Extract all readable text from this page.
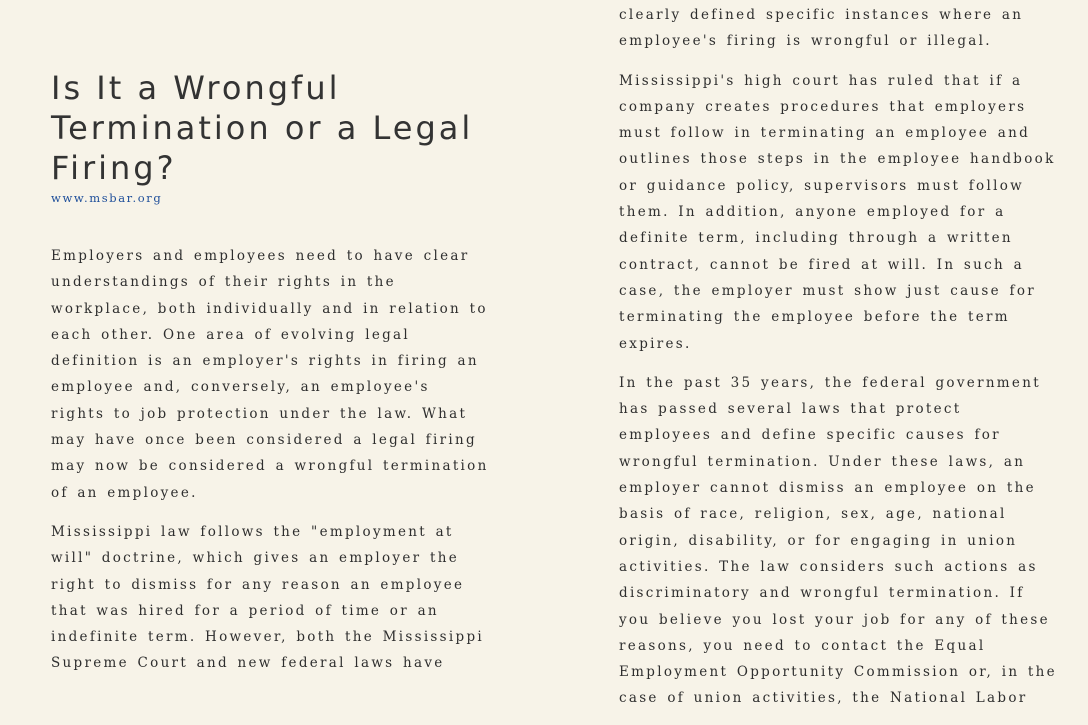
Is It a Wrongful Termination or a Legal Firing?
www.msbar.org

Employers and employees need to have clear understandings of their rights in the workplace, both individually and in relation to each other. One area of evolving legal definition is an employer's rights in firing an employee and, conversely, an employee's rights to job protection under the law. What may have once been considered a legal firing may now be considered a wrongful termination of an employee.

Mississippi law follows the "employment at will" doctrine, which gives an employer the right to dismiss for any reason an employee that was hired for a period of time or an indefinite term. However, both the Mississippi Supreme Court and new federal laws have

clearly defined specific instances where an employee's firing is wrongful or illegal.

Mississippi's high court has ruled that if a company creates procedures that employers must follow in terminating an employee and outlines those steps in the employee handbook or guidance policy, supervisors must follow them. In addition, anyone employed for a definite term, including through a written contract, cannot be fired at will. In such a case, the employer must show just cause for terminating the employee before the term expires.

In the past 35 years, the federal government has passed several laws that protect employees and define specific causes for wrongful termination. Under these laws, an employer cannot dismiss an employee on the basis of race, religion, sex, age, national origin, disability, or for engaging in union activities. The law considers such actions as discriminatory and wrongful termination. If you believe you lost your job for any of these reasons, you need to contact the Equal Employment Opportunity Commission or, in the case of union activities, the National Labor
